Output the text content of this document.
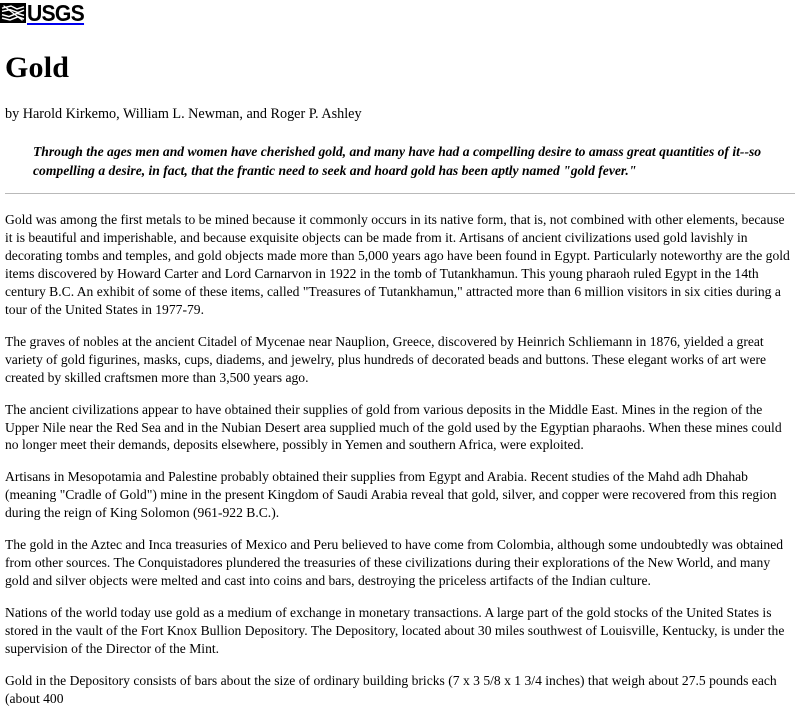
USGS
Gold
by Harold Kirkemo, William L. Newman, and Roger P. Ashley
Through the ages men and women have cherished gold, and many have had a compelling desire to amass great quantities of it--so compelling a desire, in fact, that the frantic need to seek and hoard gold has been aptly named "gold fever."

Gold was among the first metals to be mined because it commonly occurs in its native form, that is, not combined with other elements, because it is beautiful and imperishable, and because exquisite objects can be made from it. Artisans of ancient civilizations used gold lavishly in decorating tombs and temples, and gold objects made more than 5,000 years ago have been found in Egypt. Particularly noteworthy are the gold items discovered by Howard Carter and Lord Carnarvon in 1922 in the tomb of Tutankhamun. This young pharaoh ruled Egypt in the 14th century B.C. An exhibit of some of these items, called "Treasures of Tutankhamun," attracted more than 6 million visitors in six cities during a tour of the United States in 1977-79.

The graves of nobles at the ancient Citadel of Mycenae near Nauplion, Greece, discovered by Heinrich Schliemann in 1876, yielded a great variety of gold figurines, masks, cups, diadems, and jewelry, plus hundreds of decorated beads and buttons. These elegant works of art were created by skilled craftsmen more than 3,500 years ago.

The ancient civilizations appear to have obtained their supplies of gold from various deposits in the Middle East. Mines in the region of the Upper Nile near the Red Sea and in the Nubian Desert area supplied much of the gold used by the Egyptian pharaohs. When these mines could no longer meet their demands, deposits elsewhere, possibly in Yemen and southern Africa, were exploited.

Artisans in Mesopotamia and Palestine probably obtained their supplies from Egypt and Arabia. Recent studies of the Mahd adh Dhahab (meaning "Cradle of Gold") mine in the present Kingdom of Saudi Arabia reveal that gold, silver, and copper were recovered from this region during the reign of King Solomon (961-922 B.C.).

The gold in the Aztec and Inca treasuries of Mexico and Peru believed to have come from Colombia, although some undoubtedly was obtained from other sources. The Conquistadores plundered the treasuries of these civilizations during their explorations of the New World, and many gold and silver objects were melted and cast into coins and bars, destroying the priceless artifacts of the Indian culture.

Nations of the world today use gold as a medium of exchange in monetary transactions. A large part of the gold stocks of the United States is stored in the vault of the Fort Knox Bullion Depository. The Depository, located about 30 miles southwest of Louisville, Kentucky, is under the supervision of the Director of the Mint.

Gold in the Depository consists of bars about the size of ordinary building bricks (7 x 3 5/8 x 1 3/4 inches) that weigh about 27.5 pounds each (about 400
